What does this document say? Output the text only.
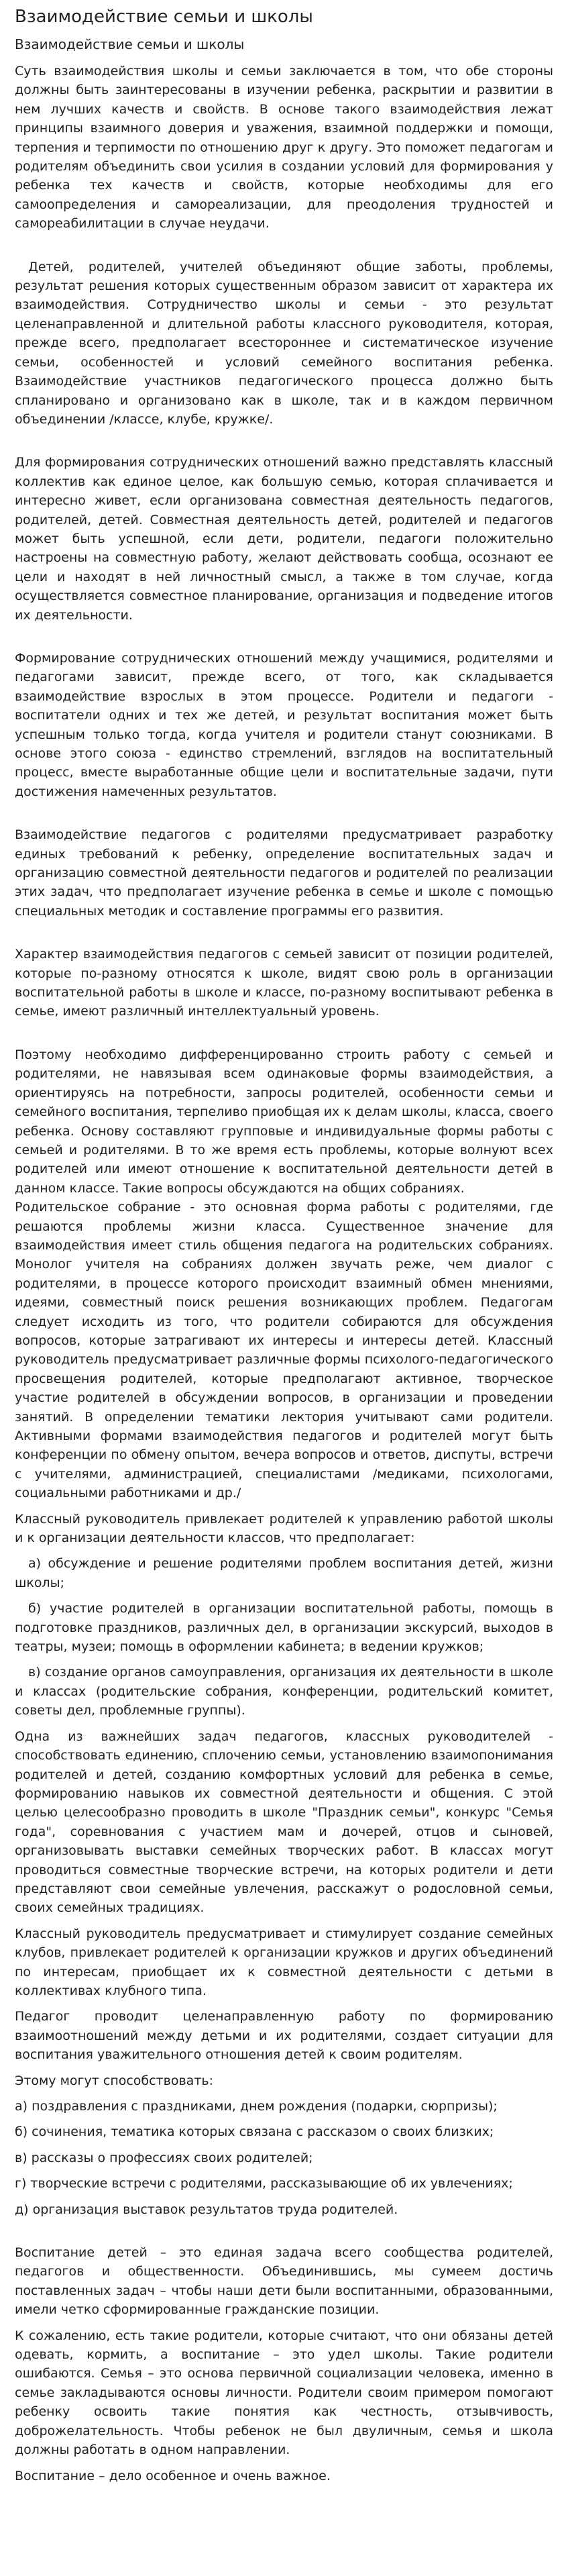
Взаимодействие семьи и школы
Взаимодействие семьи и школы

Суть взаимодействия школы и семьи заключается в том, что обе стороны должны быть заинтересованы в изучении ребенка, раскрытии и развитии в нем лучших качеств и свойств. В основе такого взаимодействия лежат принципы взаимного доверия и уважения, взаимной поддержки и помощи, терпения и терпимости по отношению друг к другу. Это поможет педагогам и родителям объединить свои усилия в создании условий для формирования у ребенка тех качеств и свойств, которые необходимы для его самоопределения и самореализации, для преодоления трудностей и самореабилитации в случае неудачи.

Детей, родителей, учителей объединяют общие заботы, проблемы, результат решения которых существенным образом зависит от характера их взаимодействия. Сотрудничество школы и семьи - это результат целенаправленной и длительной работы классного руководителя, которая, прежде всего, предполагает всестороннее и систематическое изучение семьи, особенностей и условий семейного воспитания ребенка. Взаимодействие участников педагогического процесса должно быть спланировано и организовано как в школе, так и в каждом первичном объединении /классе, клубе, кружке/.

Для формирования сотруднических отношений важно представлять классный коллектив как единое целое, как большую семью, которая сплачивается и интересно живет, если организована совместная деятельность педагогов, родителей, детей. Совместная деятельность детей, родителей и педагогов может быть успешной, если дети, родители, педагоги положительно настроены на совместную работу, желают действовать сообща, осознают ее цели и находят в ней личностный смысл, а также в том случае, когда осуществляется совместное планирование, организация и подведение итогов их деятельности.

Формирование сотруднических отношений между учащимися, родителями и педагогами зависит, прежде всего, от того, как складывается взаимодействие взрослых в этом процессе. Родители и педагоги - воспитатели одних и тех же детей, и результат воспитания может быть успешным только тогда, когда учителя и родители станут союзниками. В основе этого союза - единство стремлений, взглядов на воспитательный процесс, вместе выработанные общие цели и воспитательные задачи, пути достижения намеченных результатов.

Взаимодействие педагогов с родителями предусматривает разработку единых требований к ребенку, определение воспитательных задач и организацию совместной деятельности педагогов и родителей по реализации этих задач, что предполагает изучение ребенка в семье и школе с помощью специальных методик и составление программы его развития.

Характер взаимодействия педагогов с семьей зависит от позиции родителей, которые по-разному относятся к школе, видят свою роль в организации воспитательной работы в школе и классе, по-разному воспитывают ребенка в семье, имеют различный интеллектуальный уровень.

Поэтому необходимо дифференцированно строить работу с семьей и родителями, не навязывая всем одинаковые формы взаимодействия, а ориентируясь на потребности, запросы родителей, особенности семьи и семейного воспитания, терпеливо приобщая их к делам школы, класса, своего ребенка. Основу составляют групповые и индивидуальные формы работы с семьей и родителями. В то же время есть проблемы, которые волнуют всех родителей или имеют отношение к воспитательной деятельности детей в данном классе. Такие вопросы обсуждаются на общих собраниях.
Родительское собрание - это основная форма работы с родителями, где решаются проблемы жизни класса. Существенное значение для взаимодействия имеет стиль общения педагога на родительских собраниях. Монолог учителя на собраниях должен звучать реже, чем диалог с родителями, в процессе которого происходит взаимный обмен мнениями, идеями, совместный поиск решения возникающих проблем. Педагогам следует исходить из того, что родители собираются для обсуждения вопросов, которые затрагивают их интересы и интересы детей. Классный руководитель предусматривает различные формы психолого-педагогического просвещения родителей, которые предполагают активное, творческое участие родителей в обсуждении вопросов, в организации и проведении занятий. В определении тематики лектория учитывают сами родители. Активными формами взаимодействия педагогов и родителей могут быть конференции по обмену опытом, вечера вопросов и ответов, диспуты, встречи с учителями, администрацией, специалистами /медиками, психологами, социальными работниками и др./

Классный руководитель привлекает родителей к управлению работой школы и к организации деятельности классов, что предполагает:

а) обсуждение и решение родителями проблем воспитания детей, жизни школы;

б) участие родителей в организации воспитательной работы, помощь в подготовке праздников, различных дел, в организации экскурсий, выходов в театры, музеи; помощь в оформлении кабинета; в ведении кружков;

в) создание органов самоуправления, организация их деятельности в школе и классах (родительские собрания, конференции, родительский комитет, советы дел, проблемные группы).

Одна из важнейших задач педагогов, классных руководителей - способствовать единению, сплочению семьи, установлению взаимопонимания родителей и детей, созданию комфортных условий для ребенка в семье, формированию навыков их совместной деятельности и общения. С этой целью целесообразно проводить в школе "Праздник семьи", конкурс "Семья года", соревнования с участием мам и дочерей, отцов и сыновей, организовывать выставки семейных творческих работ. В классах могут проводиться совместные творческие встречи, на которых родители и дети представляют свои семейные увлечения, расскажут о родословной семьи, своих семейных традициях.

Классный руководитель предусматривает и стимулирует создание семейных клубов, привлекает родителей к организации кружков и других объединений по интересам, приобщает их к совместной деятельности с детьми в коллективах клубного типа.

Педагог проводит целенаправленную работу по формированию взаимоотношений между детьми и их родителями, создает ситуации для воспитания уважительного отношения детей к своим родителям.

Этому могут способствовать:

а) поздравления с праздниками, днем рождения (подарки, сюрпризы);

б) сочинения, тематика которых связана с рассказом о своих близких;

в) рассказы о профессиях своих родителей;

г) творческие встречи с родителями, рассказывающие об их увлечениях;

д) организация выставок результатов труда родителей.

Воспитание детей – это единая задача всего сообщества родителей, педагогов и общественности. Объединившись, мы сумеем достичь поставленных задач – чтобы наши дети были воспитанными, образованными, имели четко сформированные гражданские позиции.

К сожалению, есть такие родители, которые считают, что они обязаны детей одевать, кормить, а воспитание – это удел школы. Такие родители ошибаются. Семья – это основа первичной социализации человека, именно в семье закладываются основы личности. Родители своим примером помогают ребенку освоить такие понятия как честность, отзывчивость, доброжелательность. Чтобы ребенок не был двуличным, семья и школа должны работать в одном направлении.

Воспитание – дело особенное и очень важное.
